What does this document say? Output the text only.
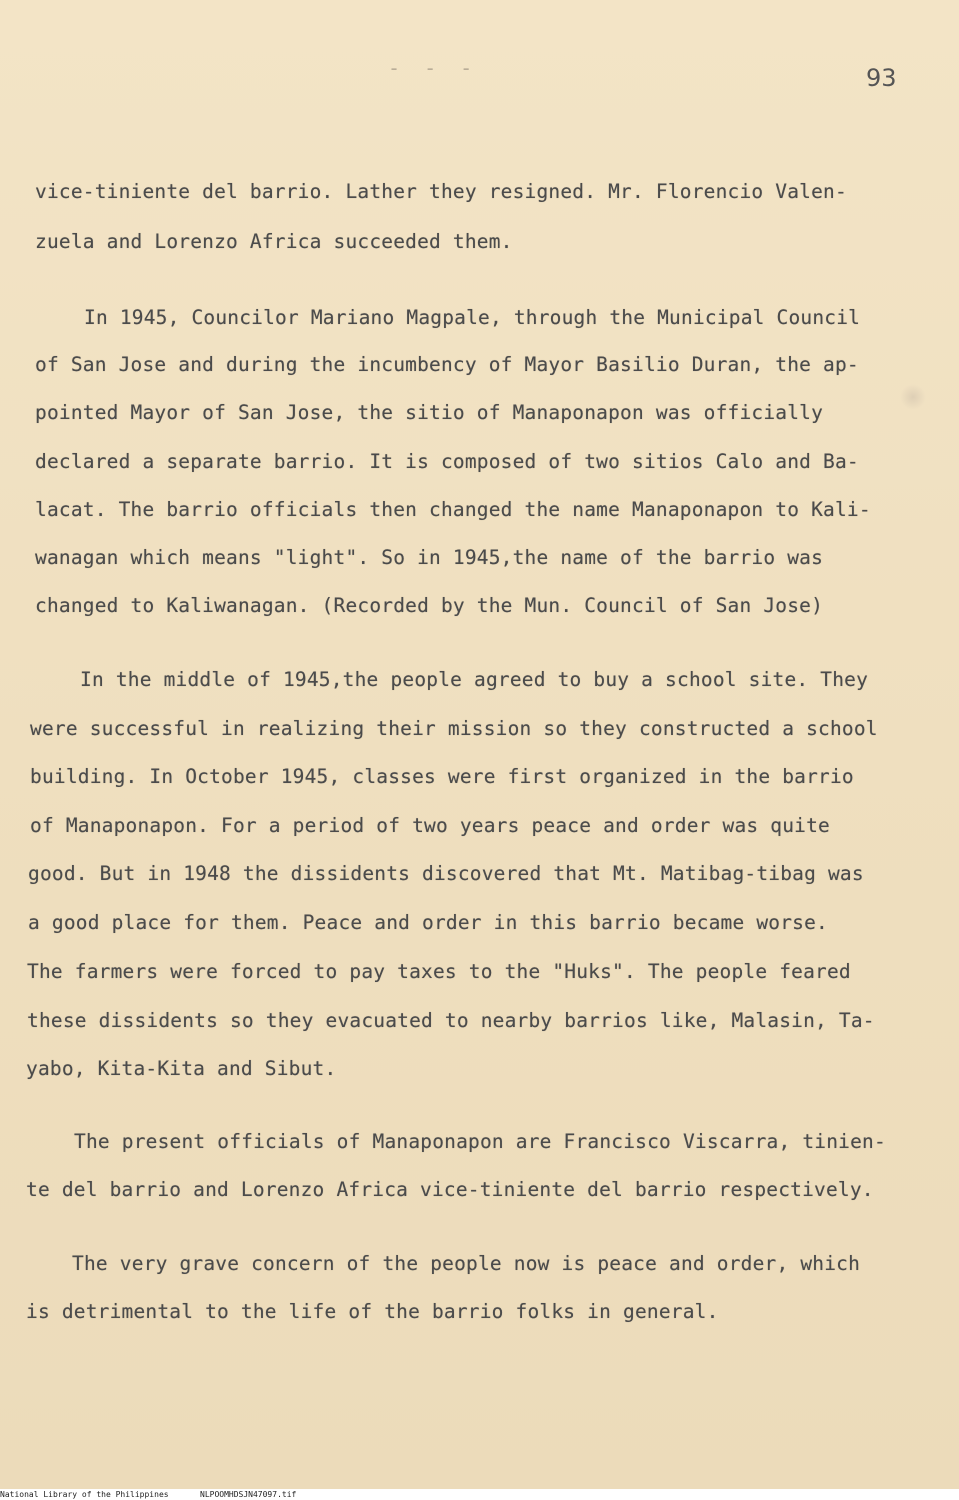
- - -	93
vice-tiniente del barrio. Lather they resigned. Mr. Florencio Valen-
zuela and Lorenzo Africa succeeded them.
In 1945, Councilor Mariano Magpale, through the Municipal Council
of San Jose and during the incumbency of Mayor Basilio Duran, the ap-
pointed Mayor of San Jose, the sitio of Manaponapon was officially
declared a separate barrio. It is composed of two sitios Calo and Ba-
lacat. The barrio officials then changed the name Manaponapon to Kali-
wanagan which means "light". So in 1945,the name of the barrio was
changed to Kaliwanagan. (Recorded by the Mun. Council of San Jose)
In the middle of 1945,the people agreed to buy a school site. They
were successful in realizing their mission so they constructed a school
building. In October 1945, classes were first organized in the barrio
of Manaponapon. For a period of two years peace and order was quite
good. But in 1948 the dissidents discovered that Mt. Matibag-tibag was
a good place for them. Peace and order in this barrio became worse.
The farmers were forced to pay taxes to the "Huks". The people feared
these dissidents so they evacuated to nearby barrios like, Malasin, Ta-
yabo, Kita-Kita and Sibut.
The present officials of Manaponapon are Francisco Viscarra, tinien-
te del barrio and Lorenzo Africa vice-tiniente del barrio respectively.
The very grave concern of the people now is peace and order, which
is detrimental to the life of the barrio folks in general.
National Library of the Philippines	NLPOOMHDSJN47097.tif
